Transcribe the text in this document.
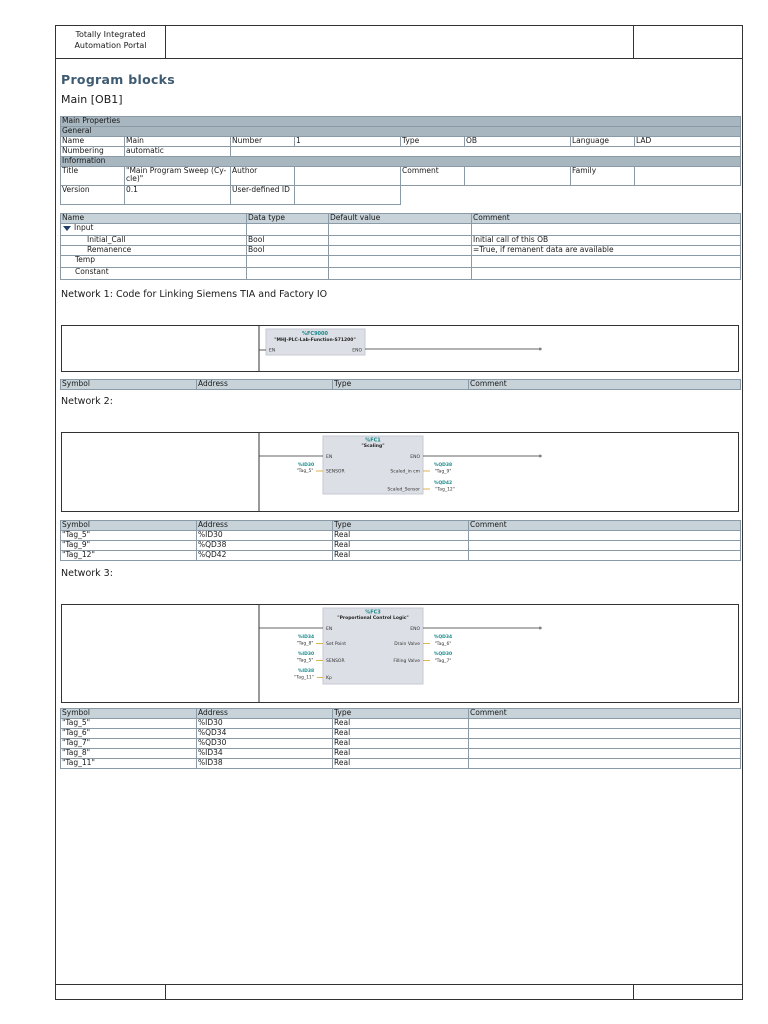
Totally Integrated
Automation Portal
Program blocks
Main [OB1]
Main Properties							
General							
Name	Main	Number	1	Type	OB	Language	LAD
Numbering	automatic						
Information							
Title	"Main Program Sweep (Cy- cle)"	Author		Comment		Family	
Version	0.1	User-defined ID					
Name	Data type	Default value	Comment
Input			
Initial_Call	Bool		Initial call of this OB
Remanence	Bool		=True, if remanent data are available
Temp			
Constant			
Network 1: Code for Linking Siemens TIA and Factory IO
%FC9000
"MHJ-PLC-Lab-Function-S71200"
EN	ENO
Symbol	Address	Type	Comment
Network 2:
%FC1
"Scaling"
EN	ENO
%ID30
"Tag_5"	SENSOR	Scaled_in cm
%QD38
"Tag_9"
Scaled_Sensor
%QD42
"Tag_12"
Symbol	Address	Type	Comment
"Tag_5"	%ID30	Real	
"Tag_9"	%QD38	Real	
"Tag_12"	%QD42	Real	
Network 3:
%FC3
"Proportional Control Logic"
EN	ENO
%ID34
"Tag_8"	Set Point
%ID30
"Tag_5"	SENSOR
%ID38
"Tag_11"	Kp
Drain Valve
%QD34
"Tag_6"
Filling Valve
%QD30
"Tag_7"
Symbol	Address	Type	Comment
"Tag_5"	%ID30	Real	
"Tag_6"	%QD34	Real	
"Tag_7"	%QD30	Real	
"Tag_8"	%ID34	Real	
"Tag_11"	%ID38	Real	
